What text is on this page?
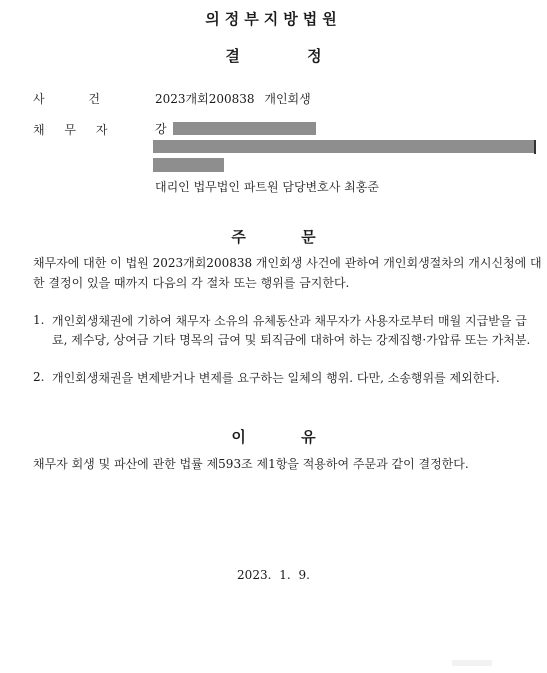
의정부지방법원
결 정
사 건	2023개회200838 개인회생
채 무 자	강
대리인 법무법인 파트원 담당변호사 최홍준
주 문
채무자에 대한 이 법원 2023개회200838 개인회생 사건에 관하여 개인회생절차의 개시신청에 대한 결정이 있을 때까지 다음의 각 절차 또는 행위를 금지한다.
1. 개인회생채권에 기하여 채무자 소유의 유체동산과 채무자가 사용자로부터 매월 지급받을 급료, 제수당, 상여금 기타 명목의 급여 및 퇴직금에 대하여 하는 강제집행·가압류 또는 가처분.
2. 개인회생채권을 변제받거나 변제를 요구하는 일체의 행위. 다만, 소송행위를 제외한다.
이 유
채무자 회생 및 파산에 관한 법률 제593조 제1항을 적용하여 주문과 같이 결정한다.
2023. 1. 9.
